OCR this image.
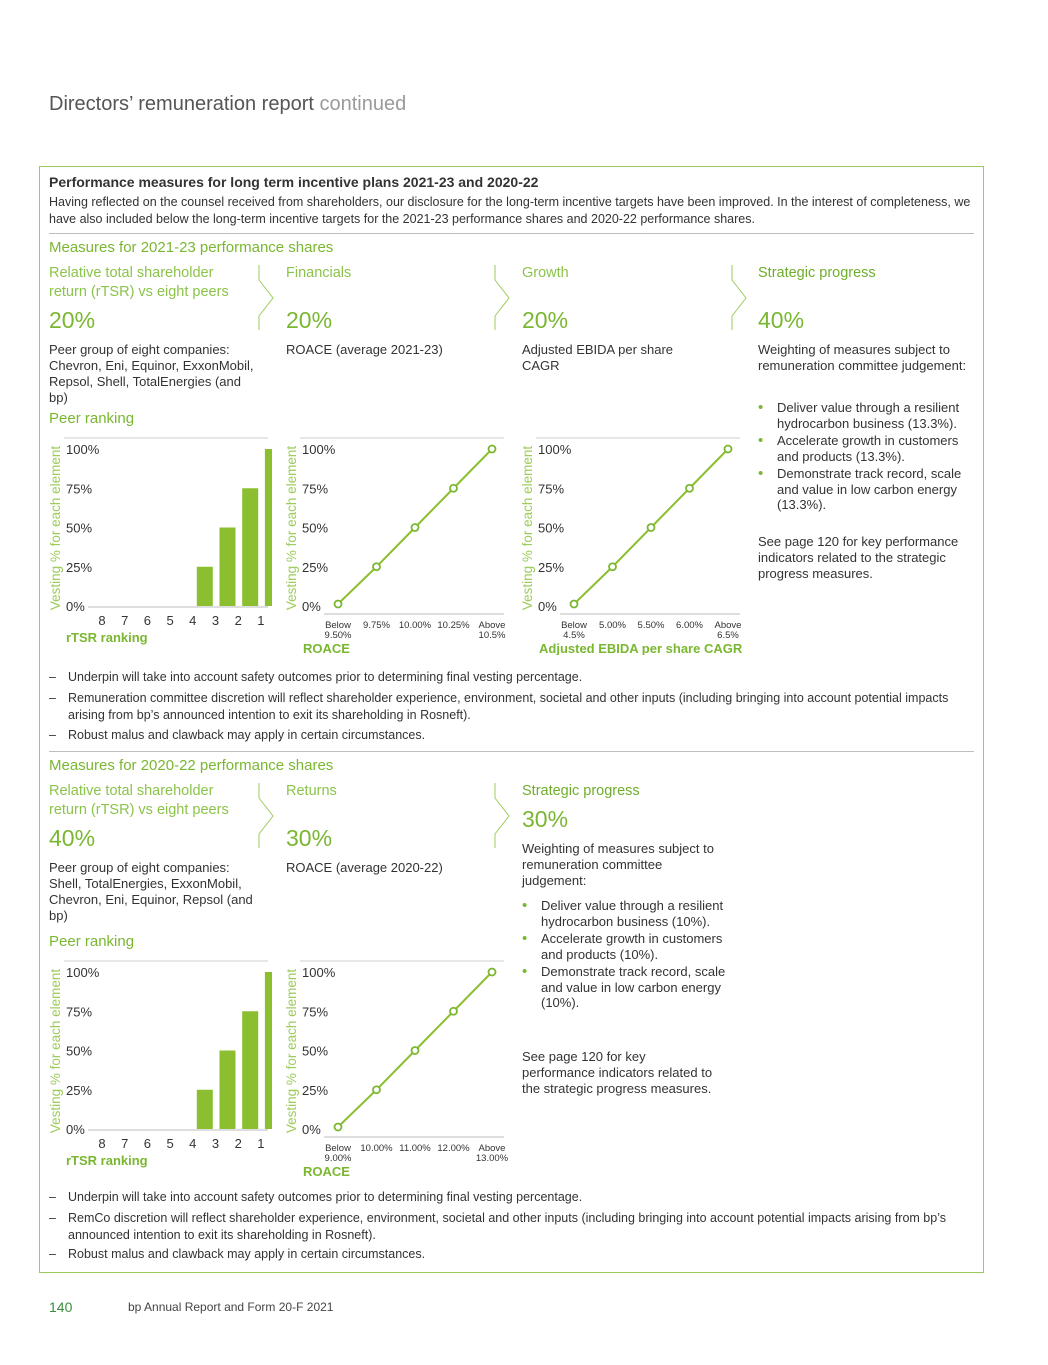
Directors’ remuneration report continued
Performance measures for long term incentive plans 2021-23 and 2020-22
Having reflected on the counsel received from shareholders, our disclosure for the long-term incentive targets have been improved. In the interest of completeness, we have also included below the long-term incentive targets for the 2021-23 performance shares and 2020-22 performance shares.
Measures for 2021-23 performance shares
Relative total shareholder return (rTSR) vs eight peers
20%
Peer group of eight companies: Chevron, Eni, Equinor, ExxonMobil, Repsol, Shell, TotalEnergies (and bp)
Peer ranking
Financials
20%
ROACE (average 2021-23)
Growth
20%
Adjusted EBIDA per share CAGR
Strategic progress
40%
Weighting of measures subject to remuneration committee judgement:
• Deliver value through a resilient hydrocarbon business (13.3%).
• Accelerate growth in customers and products (13.3%).
• Demonstrate track record, scale and value in low carbon energy (13.3%).
See page 120 for key performance indicators related to the strategic progress measures.
Vesting % for each element 100%
75%
50%
25%
0%
8 7 6 5 4 3 2 1
rTSR ranking
Vesting % for each element 100%
75%
50%
25%
0%
Below
9.50%
9.75% 10.00% 10.25% Above
10.5%
ROACE
Vesting % for each element 100%
75%
50%
25%
0%
Below
4.5%
5.00% 5.50% 6.00% Above
6.5%
Adjusted EBIDA per share CAGR
– Underpin will take into account safety outcomes prior to determining final vesting percentage.
– Remuneration committee discretion will reflect shareholder experience, environment, societal and other inputs (including bringing into account potential impacts arising from bp’s announced intention to exit its shareholding in Rosneft).
– Robust malus and clawback may apply in certain circumstances.
Measures for 2020-22 performance shares
Relative total shareholder return (rTSR) vs eight peers
40%
Peer group of eight companies: Shell, TotalEnergies, ExxonMobil, Chevron, Eni, Equinor, Repsol (and bp)
Peer ranking
Returns
30%
ROACE (average 2020-22)
Strategic progress
30%
Weighting of measures subject to remuneration committee judgement:
• Deliver value through a resilient hydrocarbon business (10%).
• Accelerate growth in customers and products (10%).
• Demonstrate track record, scale and value in low carbon energy (10%).
See page 120 for key performance indicators related to the strategic progress measures.
Vesting % for each element 100%
75%
50%
25%
0%
8 7 6 5 4 3 2 1
rTSR ranking
Vesting % for each element 100%
75%
50%
25%
0%
Below
9.00%
10.00% 11.00% 12.00% Above
13.00%
ROACE
– Underpin will take into account safety outcomes prior to determining final vesting percentage.
– RemCo discretion will reflect shareholder experience, environment, societal and other inputs (including bringing into account potential impacts arising from bp’s announced intention to exit its shareholding in Rosneft).
– Robust malus and clawback may apply in certain circumstances.
140	bp Annual Report and Form 20-F 2021
